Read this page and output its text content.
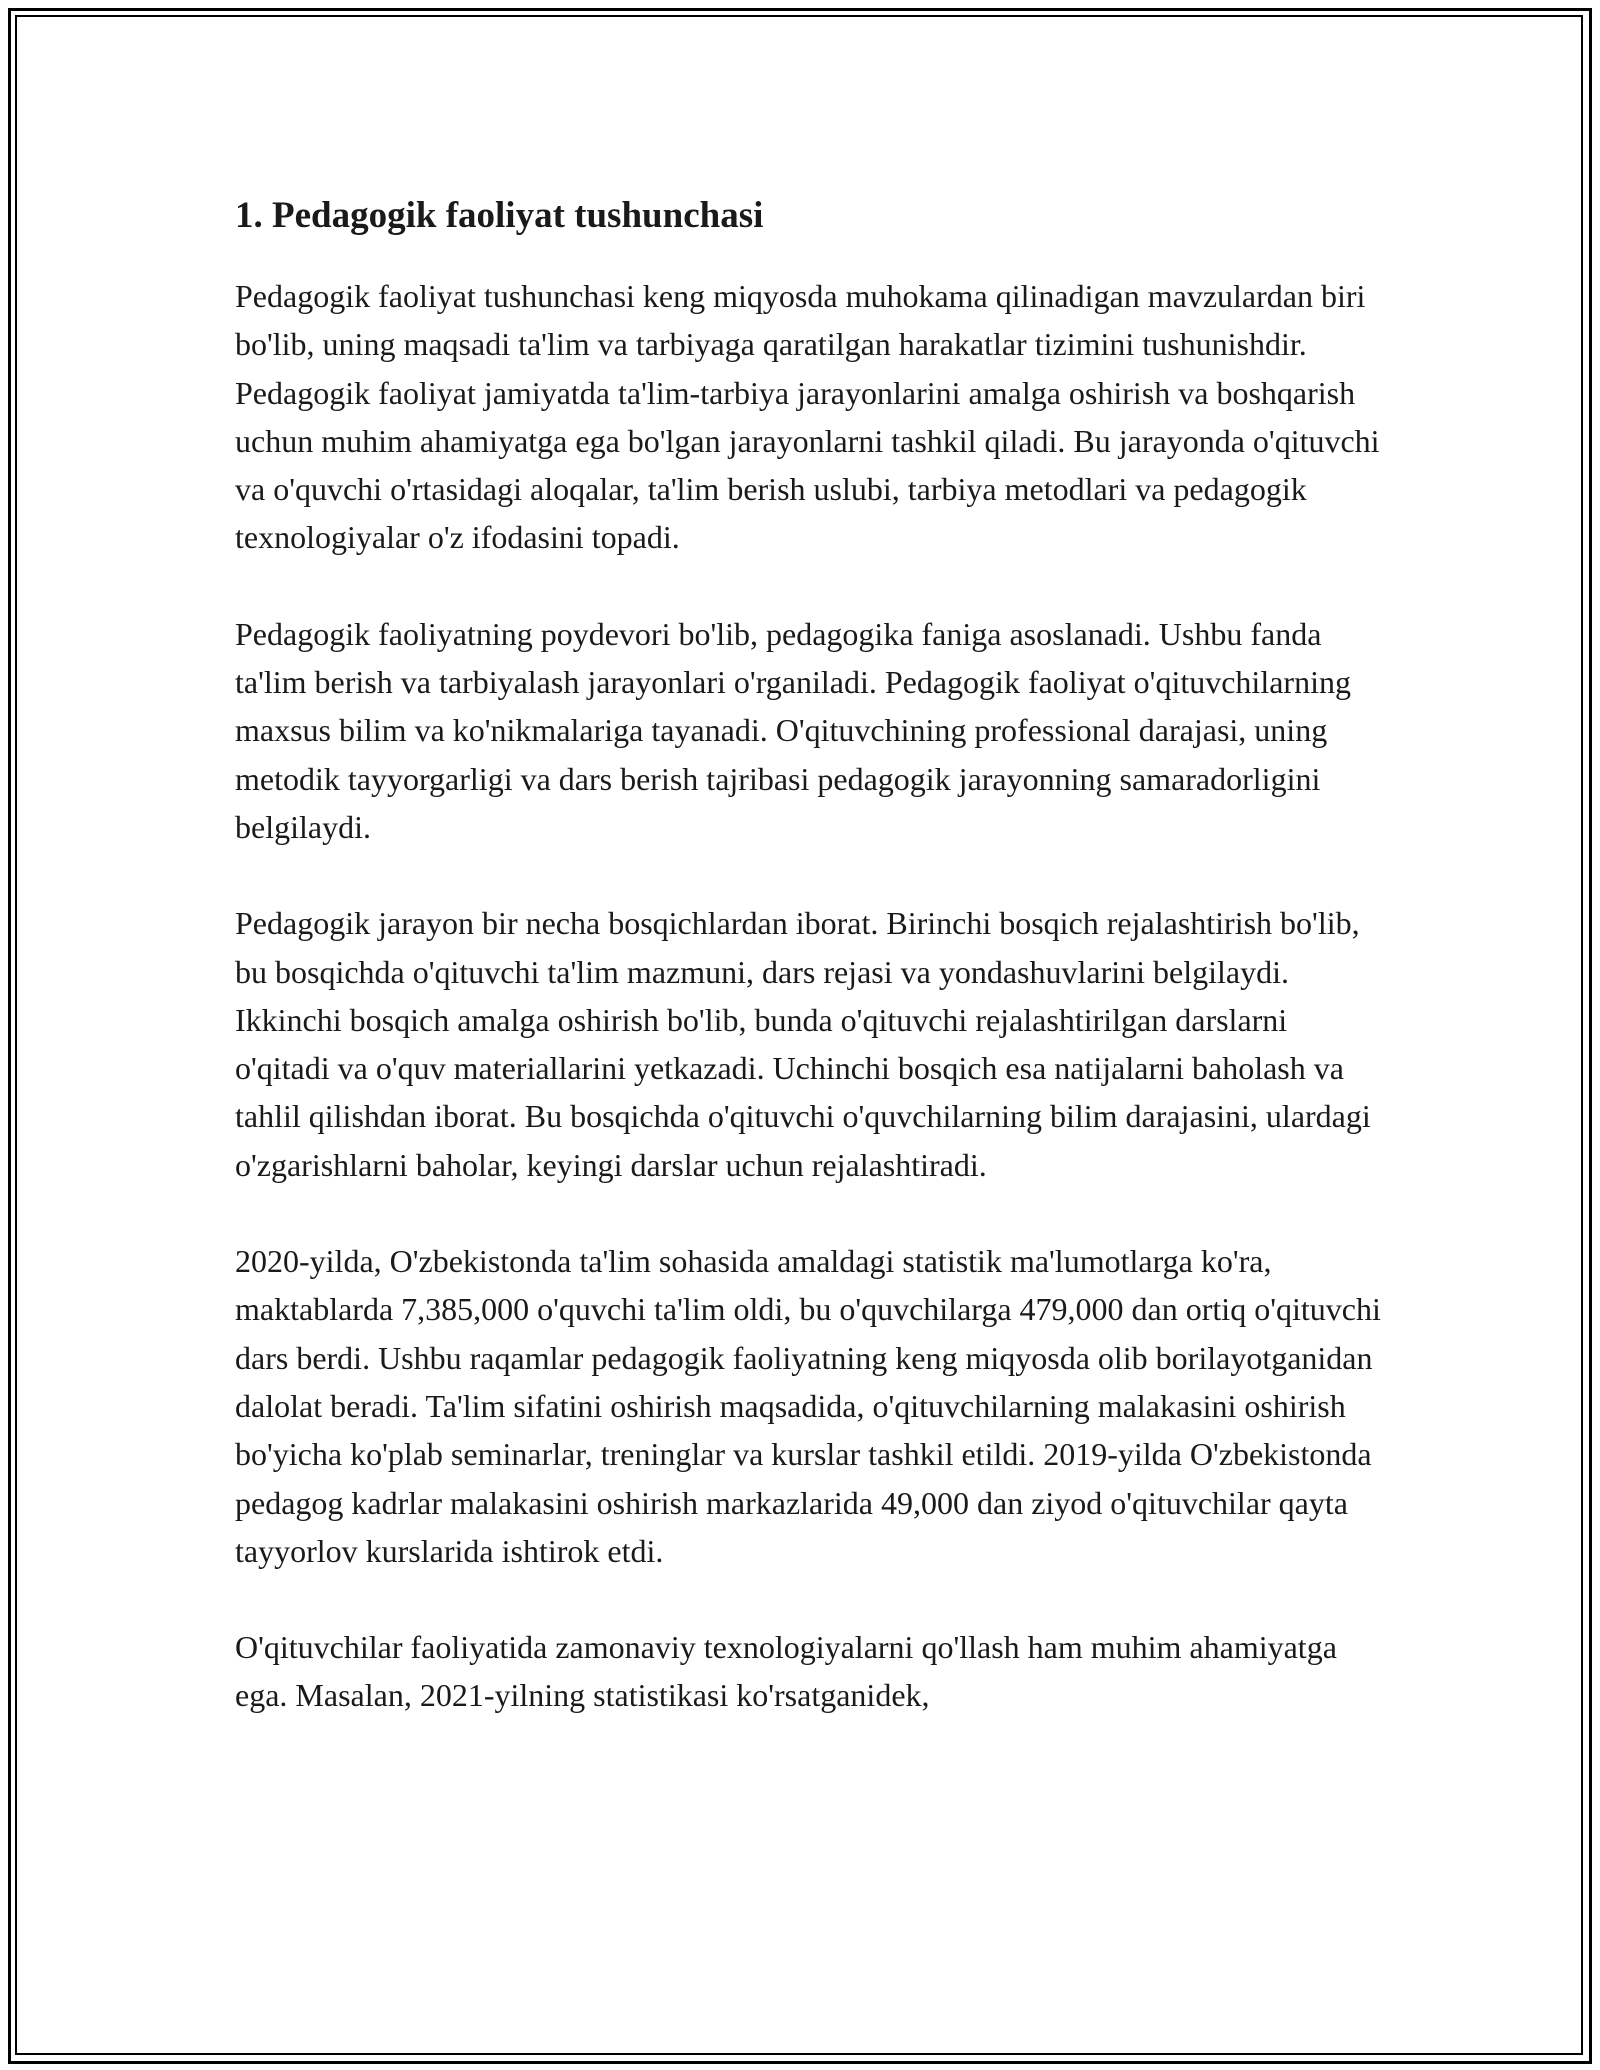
1. Pedagogik faoliyat tushunchasi

Pedagogik faoliyat tushunchasi keng miqyosda muhokama qilinadigan mavzulardan biri bo'lib, uning maqsadi ta'lim va tarbiyaga qaratilgan harakatlar tizimini tushunishdir. Pedagogik faoliyat jamiyatda ta'lim-tarbiya jarayonlarini amalga oshirish va boshqarish uchun muhim ahamiyatga ega bo'lgan jarayonlarni tashkil qiladi. Bu jarayonda o'qituvchi va o'quvchi o'rtasidagi aloqalar, ta'lim berish uslubi, tarbiya metodlari va pedagogik texnologiyalar o'z ifodasini topadi.

Pedagogik faoliyatning poydevori bo'lib, pedagogika faniga asoslanadi. Ushbu fanda ta'lim berish va tarbiyalash jarayonlari o'rganiladi. Pedagogik faoliyat o'qituvchilarning maxsus bilim va ko'nikmalariga tayanadi. O'qituvchining professional darajasi, uning metodik tayyorgarligi va dars berish tajribasi pedagogik jarayonning samaradorligini belgilaydi.

Pedagogik jarayon bir necha bosqichlardan iborat. Birinchi bosqich rejalashtirish bo'lib, bu bosqichda o'qituvchi ta'lim mazmuni, dars rejasi va yondashuvlarini belgilaydi. Ikkinchi bosqich amalga oshirish bo'lib, bunda o'qituvchi rejalashtirilgan darslarni o'qitadi va o'quv materiallarini yetkazadi. Uchinchi bosqich esa natijalarni baholash va tahlil qilishdan iborat. Bu bosqichda o'qituvchi o'quvchilarning bilim darajasini, ulardagi o'zgarishlarni baholar, keyingi darslar uchun rejalashtiradi.

2020-yilda, O'zbekistonda ta'lim sohasida amaldagi statistik ma'lumotlarga ko'ra, maktablarda 7,385,000 o'quvchi ta'lim oldi, bu o'quvchilarga 479,000 dan ortiq o'qituvchi dars berdi. Ushbu raqamlar pedagogik faoliyatning keng miqyosda olib borilayotganidan dalolat beradi. Ta'lim sifatini oshirish maqsadida, o'qituvchilarning malakasini oshirish bo'yicha ko'plab seminarlar, treninglar va kurslar tashkil etildi. 2019-yilda O'zbekistonda pedagog kadrlar malakasini oshirish markazlarida 49,000 dan ziyod o'qituvchilar qayta tayyorlov kurslarida ishtirok etdi.

O'qituvchilar faoliyatida zamonaviy texnologiyalarni qo'llash ham muhim ahamiyatga ega. Masalan, 2021-yilning statistikasi ko'rsatganidek,
